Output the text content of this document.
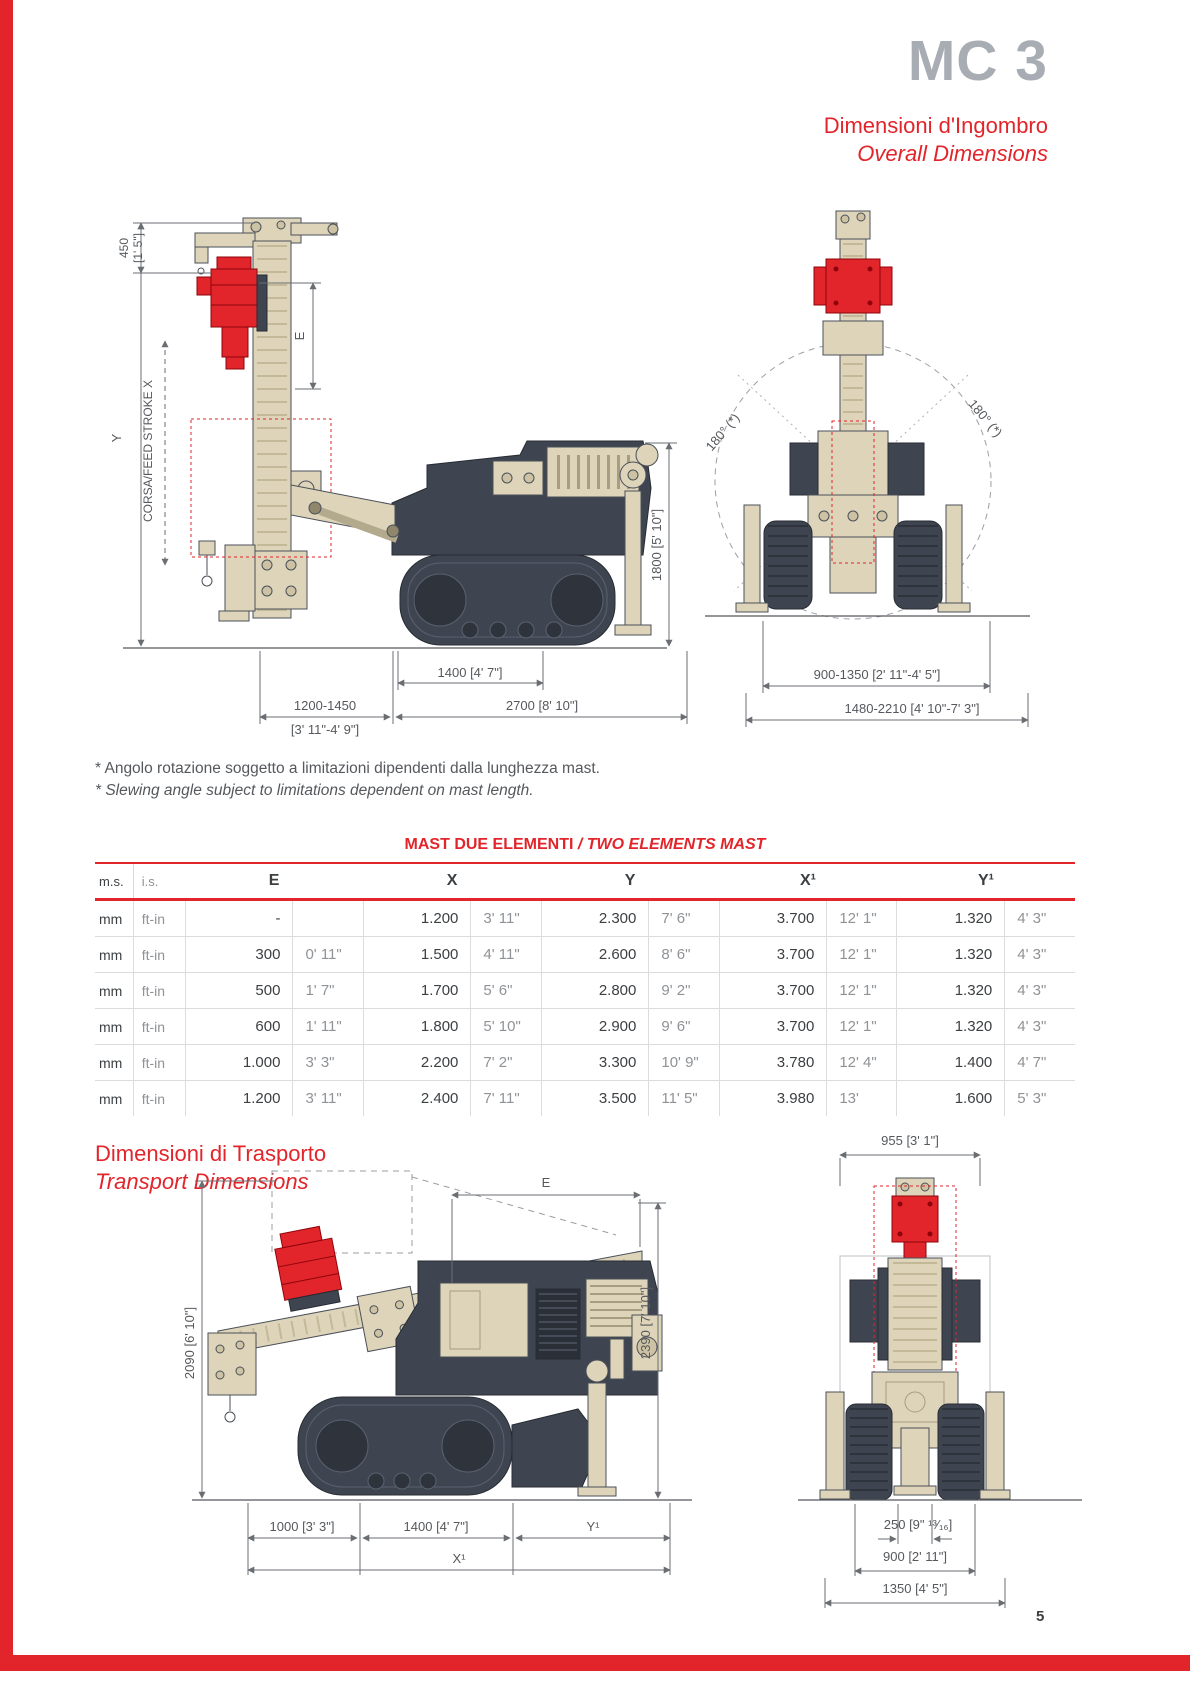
MC 3
Dimensioni d'Ingombro
Overall Dimensions
450 [1' 5"]
Y CORSA/FEED STROKE X
E
1800 [5' 10"]
1400 [4' 7"]
1200-1450
[3' 11"-4' 9"]
2700 [8' 10"]
180° (*)	180° (*)
900-1350 [2' 11"-4' 5"]
1480-2210 [4' 10"-7' 3"]
* Angolo rotazione soggetto a limitazioni dipendenti dalla lunghezza mast.
* Slewing angle subject to limitations dependent on mast length.
MAST DUE ELEMENTI / TWO ELEMENTS MAST
m.s.	i.s.	E		X		Y		X¹		Y¹	
mm	ft-in	-		1.200	3' 11"	2.300	7' 6"	3.700	12' 1"	1.320	4' 3"
mm	ft-in	300	0' 11"	1.500	4' 11"	2.600	8' 6"	3.700	12' 1"	1.320	4' 3"
mm	ft-in	500	1' 7"	1.700	5' 6"	2.800	9' 2"	3.700	12' 1"	1.320	4' 3"
mm	ft-in	600	1' 11"	1.800	5' 10"	2.900	9' 6"	3.700	12' 1"	1.320	4' 3"
mm	ft-in	1.000	3' 3"	2.200	7' 2"	3.300	10' 9"	3.780	12' 4"	1.400	4' 7"
mm	ft-in	1.200	3' 11"	2.400	7' 11"	3.500	11' 5"	3.980	13'	1.600	5' 3"
Dimensioni di Trasporto
Transport Dimensions
2090 [6' 10"]
E
2390 [7' 10"]
1000 [3' 3"]	1400 [4' 7"]	Y¹
X¹
955 [3' 1"]
250 [9" ¹³⁄₁₆]
900 [2' 11"]
1350 [4' 5"]
5
